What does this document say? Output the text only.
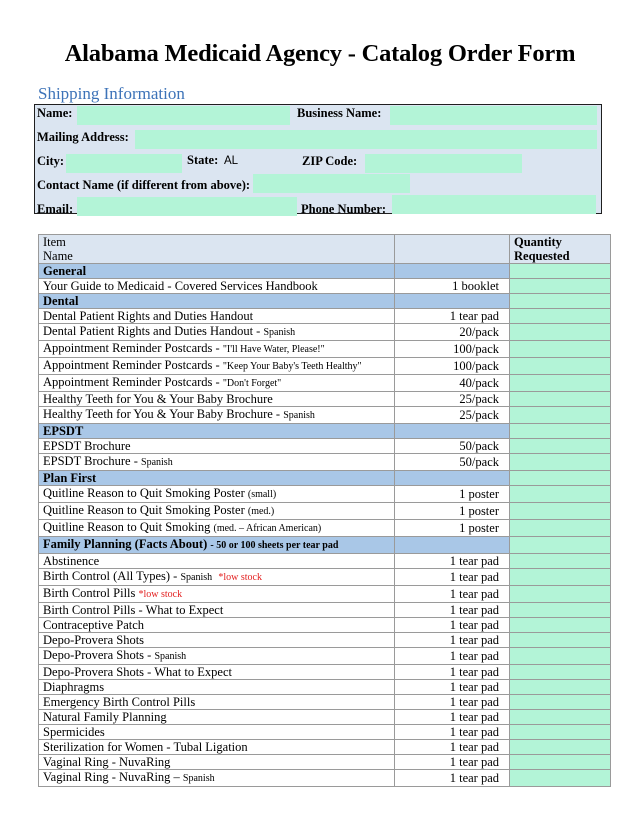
Alabama Medicaid Agency - Catalog Order Form
Shipping Information
Name:	Business Name:
Mailing Address:
City:	State: AL	ZIP Code:
Contact Name (if different from above):
Email:	Phone Number:
Item
Name		Quantity
Requested
General		
Your Guide to Medicaid - Covered Services Handbook	1 booklet	
Dental		
Dental Patient Rights and Duties Handout	1 tear pad	
Dental Patient Rights and Duties Handout - Spanish	20/pack	
Appointment Reminder Postcards - "I'll Have Water, Please!"	100/pack	
Appointment Reminder Postcards - "Keep Your Baby's Teeth Healthy"	100/pack	
Appointment Reminder Postcards - "Don't Forget"	40/pack	
Healthy Teeth for You & Your Baby Brochure	25/pack	
Healthy Teeth for You & Your Baby Brochure - Spanish	25/pack	
EPSDT		
EPSDT Brochure	50/pack	
EPSDT Brochure - Spanish	50/pack	
Plan First		
Quitline Reason to Quit Smoking Poster (small)	1 poster	
Quitline Reason to Quit Smoking Poster (med.)	1 poster	
Quitline Reason to Quit Smoking (med. – African American)	1 poster	
Family Planning (Facts About) - 50 or 100 sheets per tear pad		
Abstinence	1 tear pad	
Birth Control (All Types) - Spanish *low stock	1 tear pad	
Birth Control Pills *low stock	1 tear pad	
Birth Control Pills - What to Expect	1 tear pad	
Contraceptive Patch	1 tear pad	
Depo-Provera Shots	1 tear pad	
Depo-Provera Shots - Spanish	1 tear pad	
Depo-Provera Shots - What to Expect	1 tear pad	
Diaphragms	1 tear pad	
Emergency Birth Control Pills	1 tear pad	
Natural Family Planning	1 tear pad	
Spermicides	1 tear pad	
Sterilization for Women - Tubal Ligation	1 tear pad	
Vaginal Ring - NuvaRing	1 tear pad	
Vaginal Ring - NuvaRing – Spanish	1 tear pad	
